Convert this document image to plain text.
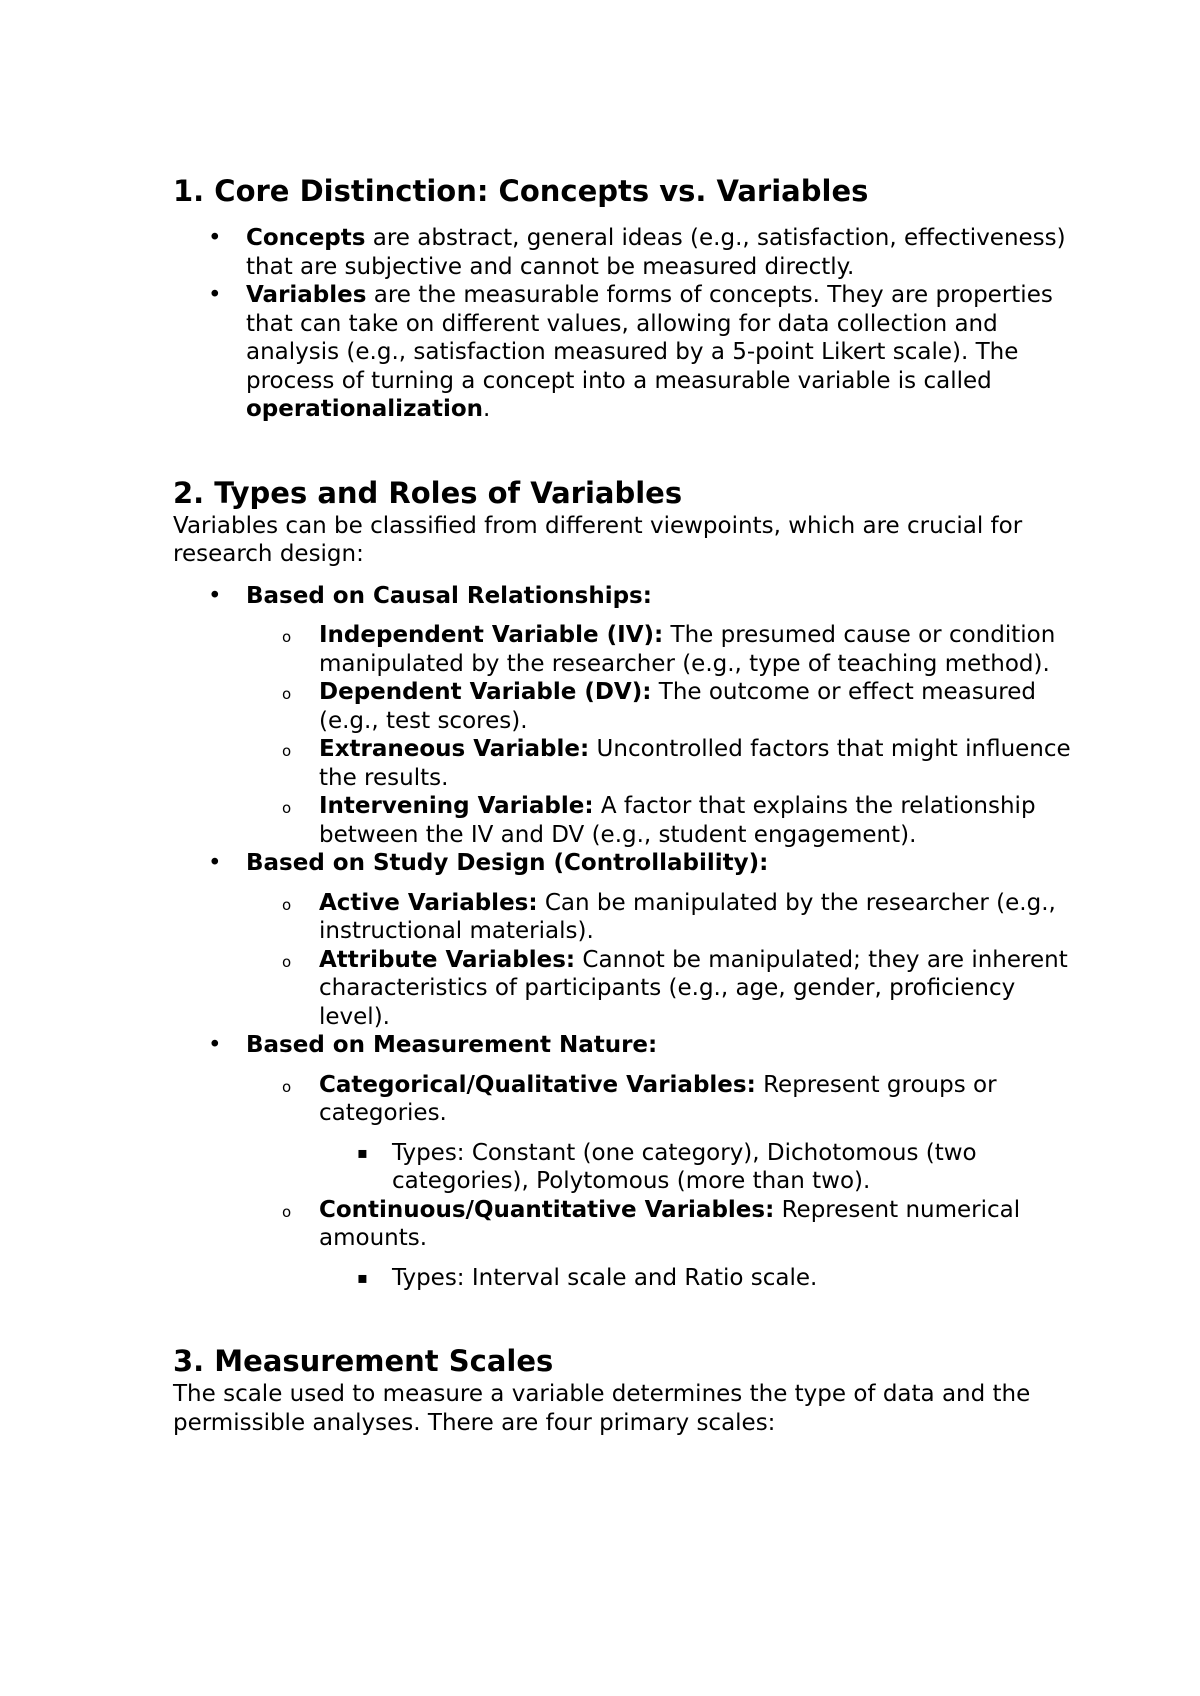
1. Core Distinction: Concepts vs. Variables
• Concepts are abstract, general ideas (e.g., satisfaction, effectiveness) that are subjective and cannot be measured directly.
• Variables are the measurable forms of concepts. They are properties that can take on different values, allowing for data collection and analysis (e.g., satisfaction measured by a 5-point Likert scale). The process of turning a concept into a measurable variable is called operationalization.
2. Types and Roles of Variables

Variables can be classified from different viewpoints, which are crucial for research design:

• Based on Causal Relationships:
o Independent Variable (IV): The presumed cause or condition manipulated by the researcher (e.g., type of teaching method).
o Dependent Variable (DV): The outcome or effect measured (e.g., test scores).
o Extraneous Variable: Uncontrolled factors that might influence the results.
o Intervening Variable: A factor that explains the relationship between the IV and DV (e.g., student engagement).
• Based on Study Design (Controllability):
o Active Variables: Can be manipulated by the researcher (e.g., instructional materials).
o Attribute Variables: Cannot be manipulated; they are inherent characteristics of participants (e.g., age, gender, proficiency level).
• Based on Measurement Nature:
o Categorical/Qualitative Variables: Represent groups or categories.
▪ Types: Constant (one category), Dichotomous (two categories), Polytomous (more than two).
o Continuous/Quantitative Variables: Represent numerical amounts.
▪ Types: Interval scale and Ratio scale.
3. Measurement Scales

The scale used to measure a variable determines the type of data and the permissible analyses. There are four primary scales:
